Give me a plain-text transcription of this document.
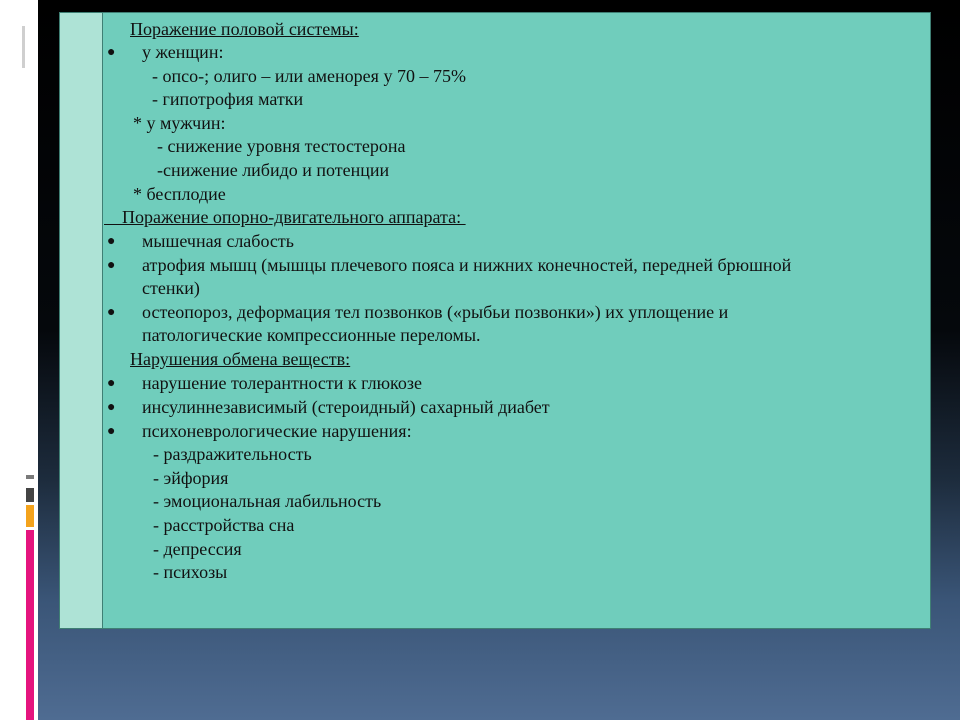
Поражение половой системы:
● у женщин:
- опсо-; олиго – или аменорея у 70 – 75%
- гипотрофия матки
* у мужчин:
- снижение уровня тестостерона
-снижение либидо и потенции
* бесплодие
Поражение опорно-двигательного аппарата:
● мышечная слабость
● атрофия мышц (мышцы плечевого пояса и нижних конечностей, передней брюшной
стенки)
● остеопороз, деформация тел позвонков («рыбьи позвонки») их уплощение и
патологические компрессионные переломы.
Нарушения обмена веществ:
● нарушение толерантности к глюкозе
● инсулиннезависимый (стероидный) сахарный диабет
● психоневрологические нарушения:
- раздражительность
- эйфория
- эмоциональная лабильность
- расстройства сна
- депрессия
- психозы
